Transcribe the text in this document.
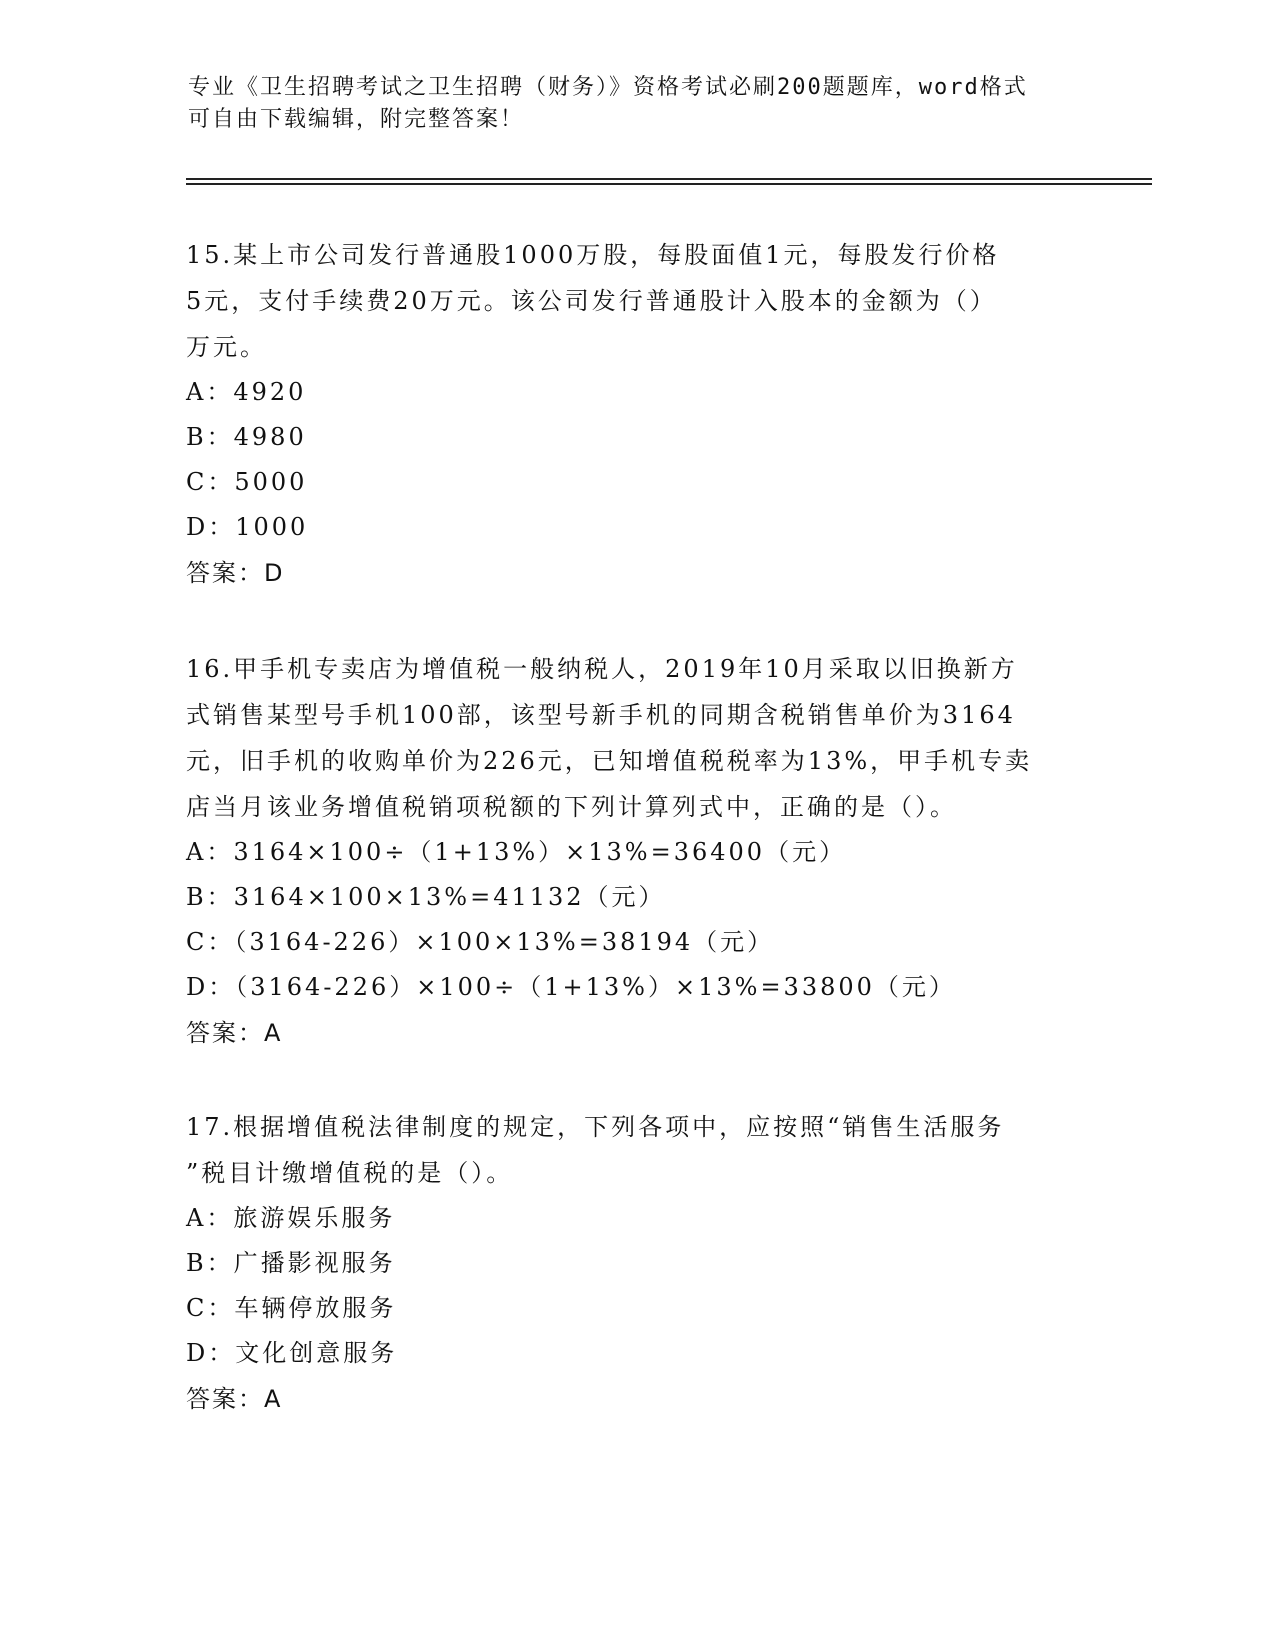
专业《卫生招聘考试之卫生招聘（财务）》资格考试必刷200题题库，word格式
可自由下载编辑，附完整答案！

15.某上市公司发行普通股1000万股，每股面值1元，每股发行价格

5元，支付手续费20万元。该公司发行普通股计入股本的金额为（）

万元。

A：4920

B：4980

C：5000

D：1000

答案：D

16.甲手机专卖店为增值税一般纳税人，2019年10月采取以旧换新方

式销售某型号手机100部，该型号新手机的同期含税销售单价为3164

元，旧手机的收购单价为226元，已知增值税税率为13%，甲手机专卖

店当月该业务增值税销项税额的下列计算列式中，正确的是（）。

A：3164×100÷（1+13%）×13%=36400（元）

B：3164×100×13%=41132（元）

C：（3164-226）×100×13%=38194（元）

D：（3164-226）×100÷（1+13%）×13%=33800（元）

答案：A

17.根据增值税法律制度的规定，下列各项中，应按照“销售生活服务

”税目计缴增值税的是（）。

A：旅游娱乐服务

B：广播影视服务

C：车辆停放服务

D：文化创意服务

答案：A
